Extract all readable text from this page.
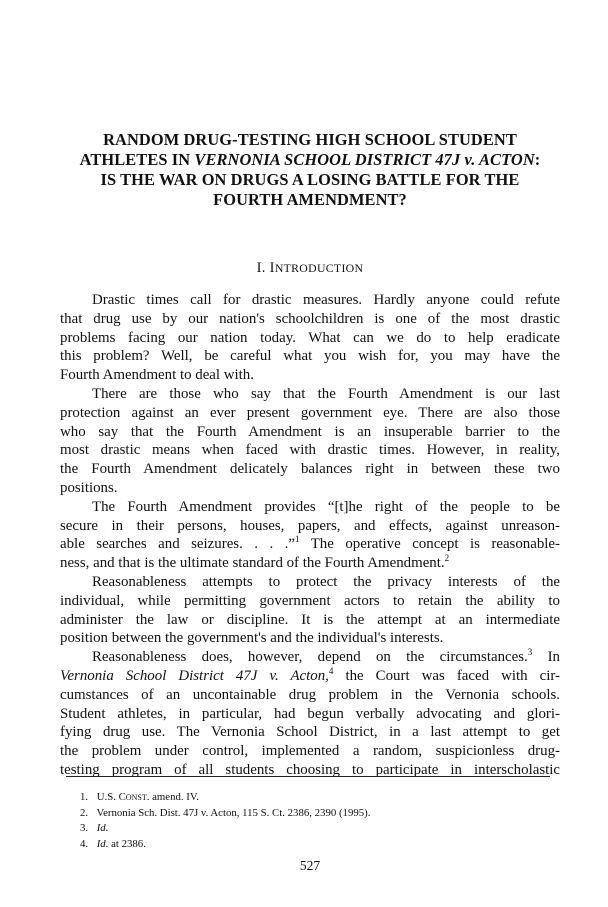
RANDOM DRUG-TESTING HIGH SCHOOL STUDENT
ATHLETES IN VERNONIA SCHOOL DISTRICT 47J v. ACTON:
IS THE WAR ON DRUGS A LOSING BATTLE FOR THE
FOURTH AMENDMENT?
I. INTRODUCTION
Drastic times call for drastic measures. Hardly anyone could refute
that drug use by our nation's schoolchildren is one of the most drastic
problems facing our nation today. What can we do to help eradicate
this problem? Well, be careful what you wish for, you may have the
Fourth Amendment to deal with.
There are those who say that the Fourth Amendment is our last
protection against an ever present government eye. There are also those
who say that the Fourth Amendment is an insuperable barrier to the
most drastic means when faced with drastic times. However, in reality,
the Fourth Amendment delicately balances right in between these two
positions.
The Fourth Amendment provides “[t]he right of the people to be
secure in their persons, houses, papers, and effects, against unreason-
able searches and seizures. . . .”$^1$ The operative concept is reasonable-
ness, and that is the ultimate standard of the Fourth Amendment.$^2$
Reasonableness attempts to protect the privacy interests of the
individual, while permitting government actors to retain the ability to
administer the law or discipline. It is the attempt at an intermediate
position between the government's and the individual's interests.
Reasonableness does, however, depend on the circumstances.$^3$ In
Vernonia School District 47J v. Acton,$^4$ the Court was faced with cir-
cumstances of an uncontainable drug problem in the Vernonia schools.
Student athletes, in particular, had begun verbally advocating and glori-
fying drug use. The Vernonia School District, in a last attempt to get
the problem under control, implemented a random, suspicionless drug-
testing program of all students choosing to participate in interscholastic
1. U.S. Const. amend. IV.
2. Vernonia Sch. Dist. 47J v. Acton, 115 S. Ct. 2386, 2390 (1995).
3. Id.
4. Id. at 2386.
527
